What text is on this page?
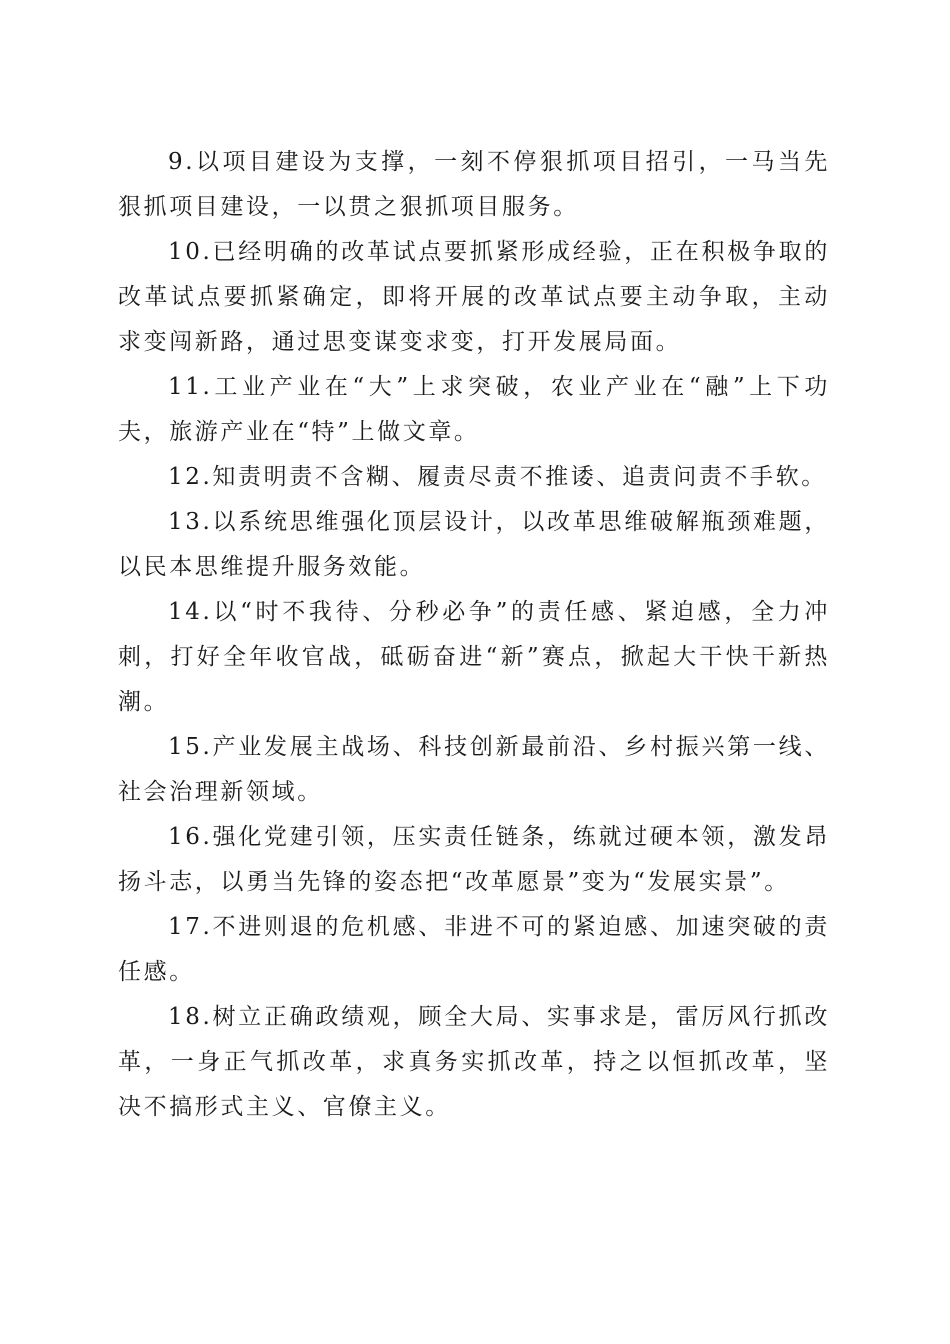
9.以项目建设为支撑，一刻不停狠抓项目招引，一马当先狠抓项目建设，一以贯之狠抓项目服务。

10.已经明确的改革试点要抓紧形成经验，正在积极争取的改革试点要抓紧确定，即将开展的改革试点要主动争取，主动求变闯新路，通过思变谋变求变，打开发展局面。

11.工业产业在“大”上求突破，农业产业在“融”上下功夫，旅游产业在“特”上做文章。

12.知责明责不含糊、履责尽责不推诿、追责问责不手软。

13.以系统思维强化顶层设计，以改革思维破解瓶颈难题，以民本思维提升服务效能。

14.以“时不我待、分秒必争”的责任感、紧迫感，全力冲刺，打好全年收官战，砥砺奋进“新”赛点，掀起大干快干新热潮。

15.产业发展主战场、科技创新最前沿、乡村振兴第一线、社会治理新领域。

16.强化党建引领，压实责任链条，练就过硬本领，激发昂扬斗志，以勇当先锋的姿态把“改革愿景”变为“发展实景”。

17.不进则退的危机感、非进不可的紧迫感、加速突破的责任感。

18.树立正确政绩观，顾全大局、实事求是，雷厉风行抓改革，一身正气抓改革，求真务实抓改革，持之以恒抓改革，坚决不搞形式主义、官僚主义。
